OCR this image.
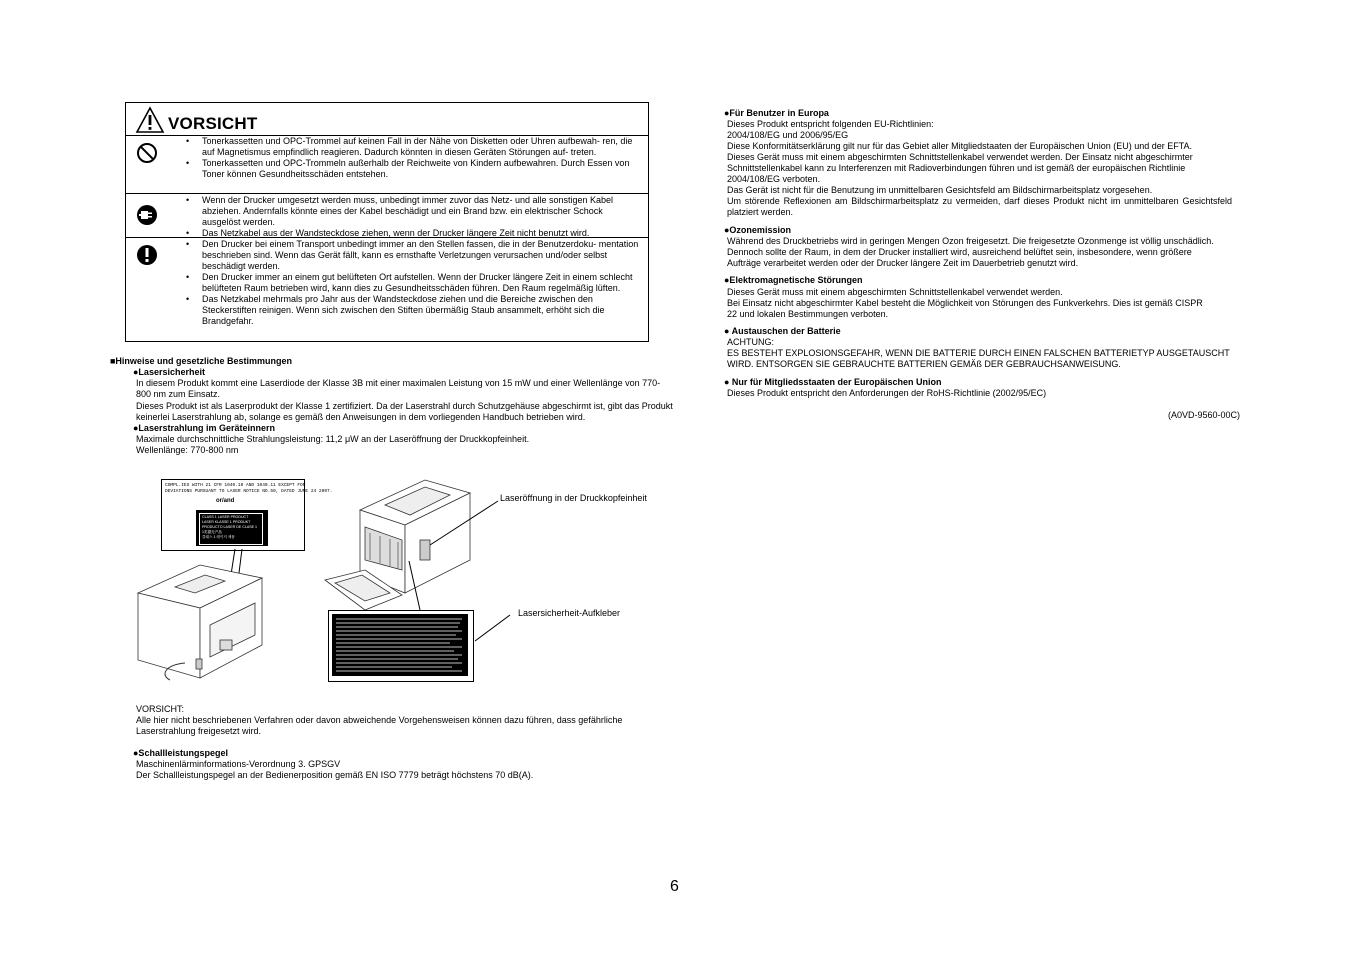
VORSICHT
• Tonerkassetten und OPC-Trommel auf keinen Fall in der Nähe von Disketten oder Uhren aufbewah- ren, die auf Magnetismus empfindlich reagieren. Dadurch könnten in diesen Geräten Störungen auf- treten.
• Tonerkassetten und OPC-Trommeln außerhalb der Reichweite von Kindern aufbewahren. Durch Essen von Toner können Gesundheitsschäden entstehen.
• Wenn der Drucker umgesetzt werden muss, unbedingt immer zuvor das Netz- und alle sonstigen Kabel abziehen. Andernfalls könnte eines der Kabel beschädigt und ein Brand bzw. ein elektrischer Schock ausgelöst werden.
• Das Netzkabel aus der Wandsteckdose ziehen, wenn der Drucker längere Zeit nicht benutzt wird.
• Den Drucker bei einem Transport unbedingt immer an den Stellen fassen, die in der Benutzerdoku- mentation beschrieben sind. Wenn das Gerät fällt, kann es ernsthafte Verletzungen verursachen und/oder selbst beschädigt werden.
• Den Drucker immer an einem gut belüfteten Ort aufstellen. Wenn der Drucker längere Zeit in einem schlecht belüfteten Raum betrieben wird, kann dies zu Gesundheitsschäden führen. Den Raum regelmäßig lüften.
• Das Netzkabel mehrmals pro Jahr aus der Wandsteckdose ziehen und die Bereiche zwischen den Steckerstiften reinigen. Wenn sich zwischen den Stiften übermäßig Staub ansammelt, erhöht sich die Brandgefahr.
■Hinweise und gesetzliche Bestimmungen
●Lasersicherheit

In diesem Produkt kommt eine Laserdiode der Klasse 3B mit einer maximalen Leistung von 15 mW und einer Wellenlänge von 770-800 nm zum Einsatz.

Dieses Produkt ist als Laserprodukt der Klasse 1 zertifiziert. Da der Laserstrahl durch Schutzgehäuse abgeschirmt ist, gibt das Produkt keinerlei Laserstrahlung ab, solange es gemäß den Anweisungen in dem vorliegenden Handbuch betrieben wird.

●Laserstrahlung im Geräteinnern

Maximale durchschnittliche Strahlungsleistung: 11,2 μW an der Laseröffnung der Druckkopfeinheit.

Wellenlänge: 770-800 nm

COMPL.IES WITH 21 CFR 1040.10 AND 1040.11 EXCEPT FOR
DEVIATIONS PURSUANT TO LASER NOTICE NO.50, DATED JUNE 24 2007.
or/and
CLASS 1 LASER PRODUCT
LASER KLASSE 1 PRODUKT
PRODUCTO LASER DE CLASE 1
1类激光产品
클래스 1 레이저 제품
Laseröffnung in der Druckkopfeinheit
Lasersicherheit-Aufkleber
VORSICHT:

Alle hier nicht beschriebenen Verfahren oder davon abweichende Vorgehensweisen können dazu führen, dass gefährliche Laserstrahlung freigesetzt wird.

●Schallleistungspegel

Maschinenlärminformations-Verordnung 3. GPSGV

Der Schallleistungspegel an der Bedienerposition gemäß EN ISO 7779 beträgt höchstens 70 dB(A).

●Für Benutzer in Europa

Dieses Produkt entspricht folgenden EU-Richtlinien:

2004/108/EG und 2006/95/EG

Diese Konformitätserklärung gilt nur für das Gebiet aller Mitgliedstaaten der Europäischen Union (EU) und der EFTA.

Dieses Gerät muss mit einem abgeschirmten Schnittstellenkabel verwendet werden. Der Einsatz nicht abgeschirmter Schnittstellenkabel kann zu Interferenzen mit Radioverbindungen führen und ist gemäß der europäischen Richtlinie 2004/108/EG verboten.

Das Gerät ist nicht für die Benutzung im unmittelbaren Gesichtsfeld am Bildschirmarbeitsplatz vorgesehen.

Um störende Reflexionen am Bildschirmarbeitsplatz zu vermeiden, darf dieses Produkt nicht im unmittelbaren Gesichtsfeld platziert werden.

●Ozonemission

Während des Druckbetriebs wird in geringen Mengen Ozon freigesetzt. Die freigesetzte Ozonmenge ist völlig unschädlich. Dennoch sollte der Raum, in dem der Drucker installiert wird, ausreichend belüftet sein, insbesondere, wenn größere Aufträge verarbeitet werden oder der Drucker längere Zeit im Dauerbetrieb genutzt wird.

●Elektromagnetische Störungen

Dieses Gerät muss mit einem abgeschirmten Schnittstellenkabel verwendet werden.

Bei Einsatz nicht abgeschirmter Kabel besteht die Möglichkeit von Störungen des Funkverkehrs. Dies ist gemäß CISPR 22 und lokalen Bestimmungen verboten.

● Austauschen der Batterie

ACHTUNG:

ES BESTEHT EXPLOSIONSGEFAHR, WENN DIE BATTERIE DURCH EINEN FALSCHEN BATTERIETYP AUSGETAUSCHT WIRD. ENTSORGEN SIE GEBRAUCHTE BATTERIEN GEMÄß DER GEBRAUCHSANWEISUNG.

● Nur für Mitgliedsstaaten der Europäischen Union

Dieses Produkt entspricht den Anforderungen der RoHS-Richtlinie (2002/95/EC)

(A0VD-9560-00C)
6
